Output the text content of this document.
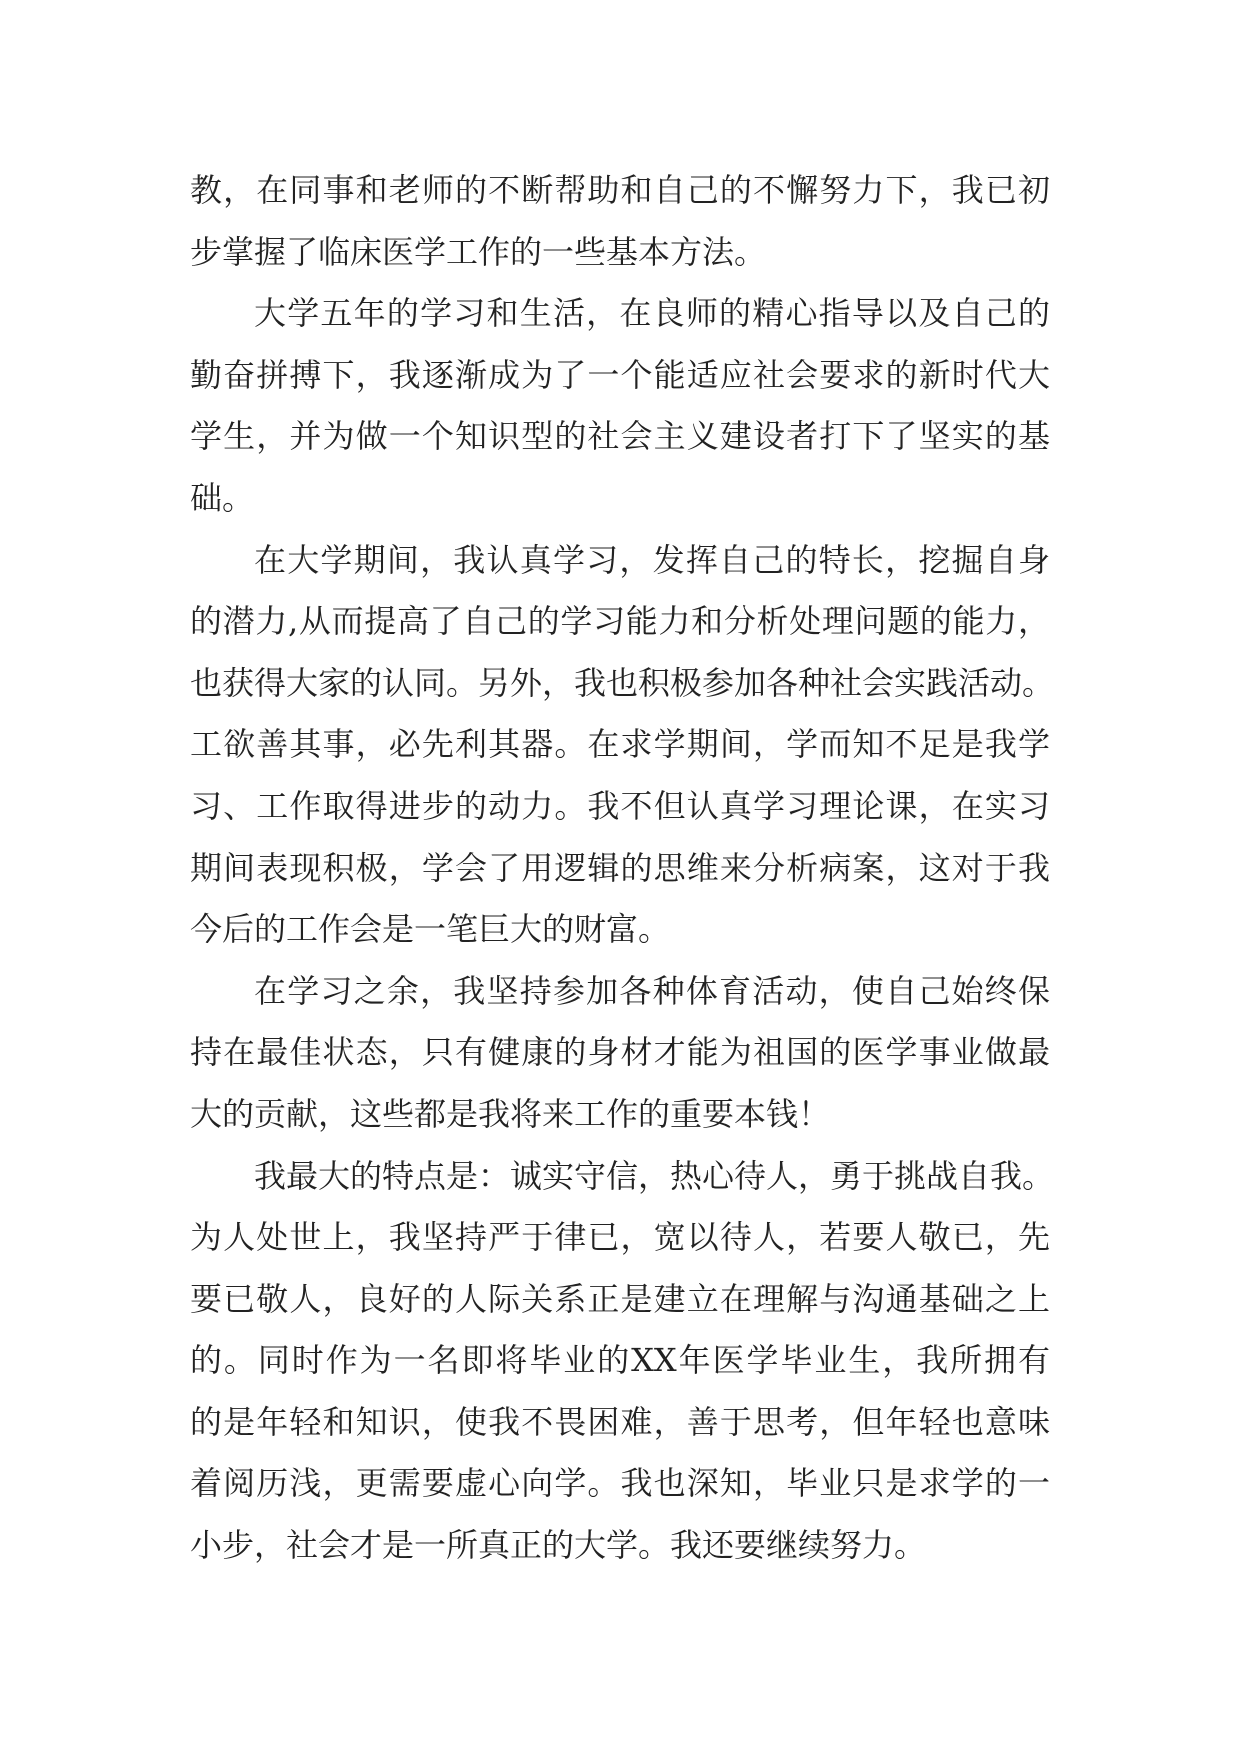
教，在同事和老师的不断帮助和自己的不懈努力下，我已初
步掌握了临床医学工作的一些基本方法。
大学五年的学习和生活，在良师的精心指导以及自己的
勤奋拼搏下，我逐渐成为了一个能适应社会要求的新时代大
学生，并为做一个知识型的社会主义建设者打下了坚实的基
础。
在大学期间，我认真学习，发挥自己的特长，挖掘自身
的潜力,从而提高了自己的学习能力和分析处理问题的能力，
也获得大家的认同。另外，我也积极参加各种社会实践活动。
工欲善其事，必先利其器。在求学期间，学而知不足是我学
习、工作取得进步的动力。我不但认真学习理论课，在实习
期间表现积极，学会了用逻辑的思维来分析病案，这对于我
今后的工作会是一笔巨大的财富。
在学习之余，我坚持参加各种体育活动，使自己始终保
持在最佳状态，只有健康的身材才能为祖国的医学事业做最
大的贡献，这些都是我将来工作的重要本钱！
我最大的特点是：诚实守信，热心待人，勇于挑战自我。
为人处世上，我坚持严于律已，宽以待人，若要人敬已，先
要已敬人，良好的人际关系正是建立在理解与沟通基础之上
的。同时作为一名即将毕业的XX年医学毕业生，我所拥有
的是年轻和知识，使我不畏困难，善于思考，但年轻也意味
着阅历浅，更需要虚心向学。我也深知，毕业只是求学的一
小步，社会才是一所真正的大学。我还要继续努力。
